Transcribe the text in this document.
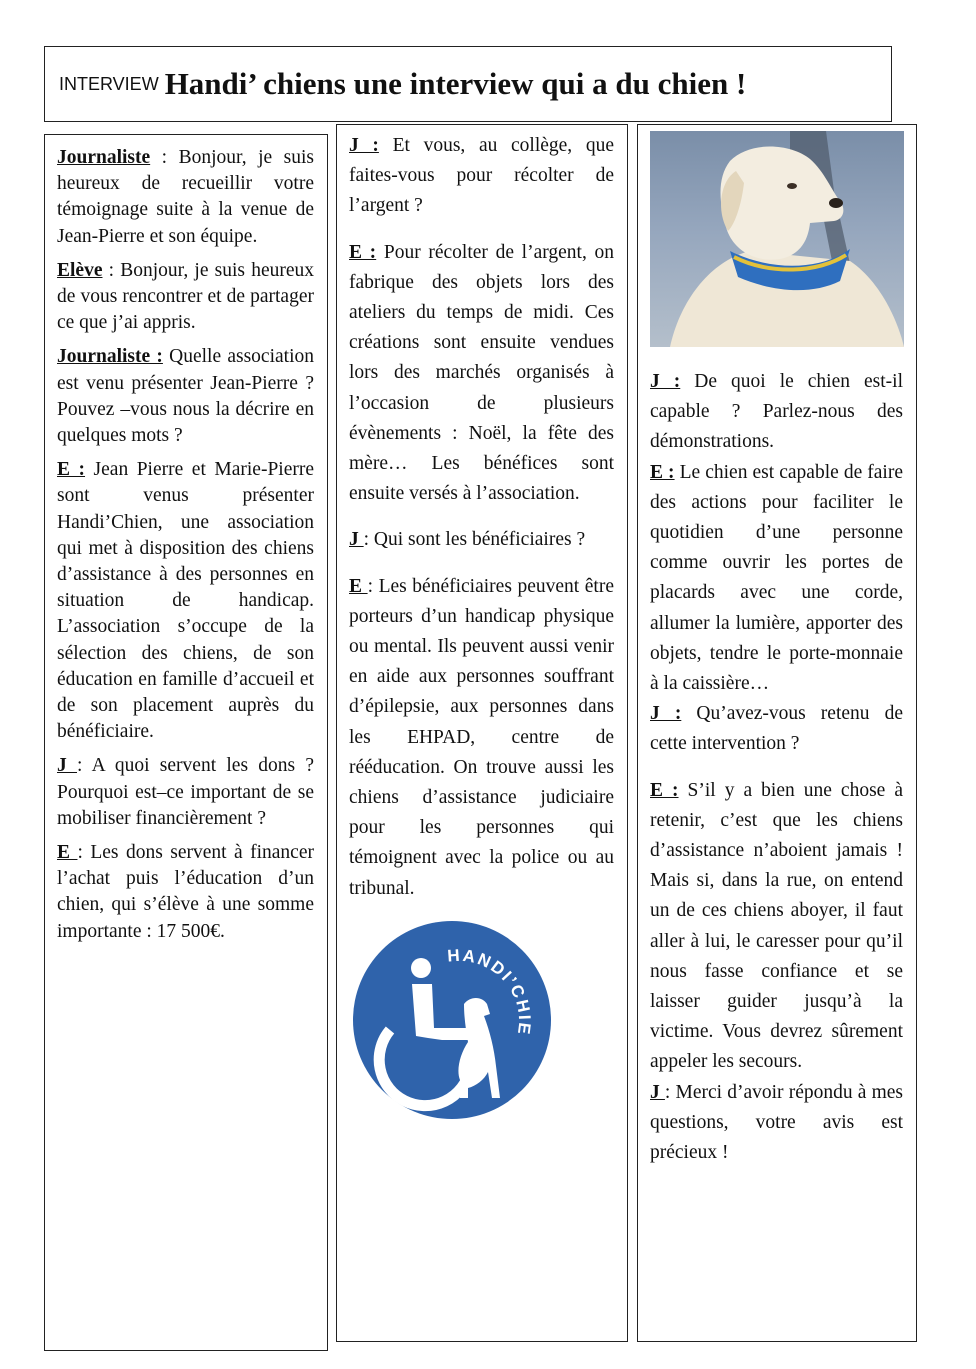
INTERVIEW Handi’ chiens une interview qui a du chien !

Journaliste : Bonjour, je suis heureux de recueillir votre témoignage suite à la venue de Jean-Pierre et son équipe.

Elève : Bonjour, je suis heureux de vous rencontrer et de partager ce que j’ai appris.

Journaliste : Quelle association est venu présenter Jean-Pierre ? Pouvez –vous nous la décrire en quelques mots ?

E : Jean Pierre et Marie-Pierre sont venus présenter Handi’Chien, une association qui met à disposition des chiens d’assistance à des personnes en situation de handicap. L’association s’occupe de la sélection des chiens, de son éducation en famille d’accueil et de son placement auprès du bénéficiaire.

J : A quoi servent les dons ? Pourquoi est–ce important de se mobiliser financièrement ?

E : Les dons servent à financer l’achat puis l’éducation d’un chien, qui s’élève à une somme importante : 17 500€.

J : Et vous, au collège, que faites-vous pour récolter de l’argent ?

E : Pour récolter de l’argent, on fabrique des objets lors des ateliers du temps de midi. Ces créations sont ensuite vendues lors des marchés organisés à l’occasion de plusieurs évènements : Noël, la fête des mère… Les bénéfices sont ensuite versés à l’association.

J : Qui sont les bénéficiaires ?

E : Les bénéficiaires peuvent être porteurs d’un handicap physique ou mental. Ils peuvent aussi venir en aide aux personnes souffrant d’épilepsie, aux personnes dans les EHPAD, centre de rééducation. On trouve aussi les chiens d’assistance judiciaire pour les personnes qui témoignent avec la police ou au tribunal.

HANDI’CHIE

J : De quoi le chien est-il capable ? Parlez-nous des démonstrations.

E : Le chien est capable de faire des actions pour faciliter le quotidien d’une personne comme ouvrir les portes de placards avec une corde, allumer la lumière, apporter des objets, tendre le porte-monnaie à la caissière…

J : Qu’avez-vous retenu de cette intervention ?

E : S’il y a bien une chose à retenir, c’est que les chiens d’assistance n’aboient jamais ! Mais si, dans la rue, on entend un de ces chiens aboyer, il faut aller à lui, le caresser pour qu’il nous fasse confiance et se laisser guider jusqu’à la victime. Vous devrez sûrement appeler les secours.

J : Merci d’avoir répondu à mes questions, votre avis est précieux !
